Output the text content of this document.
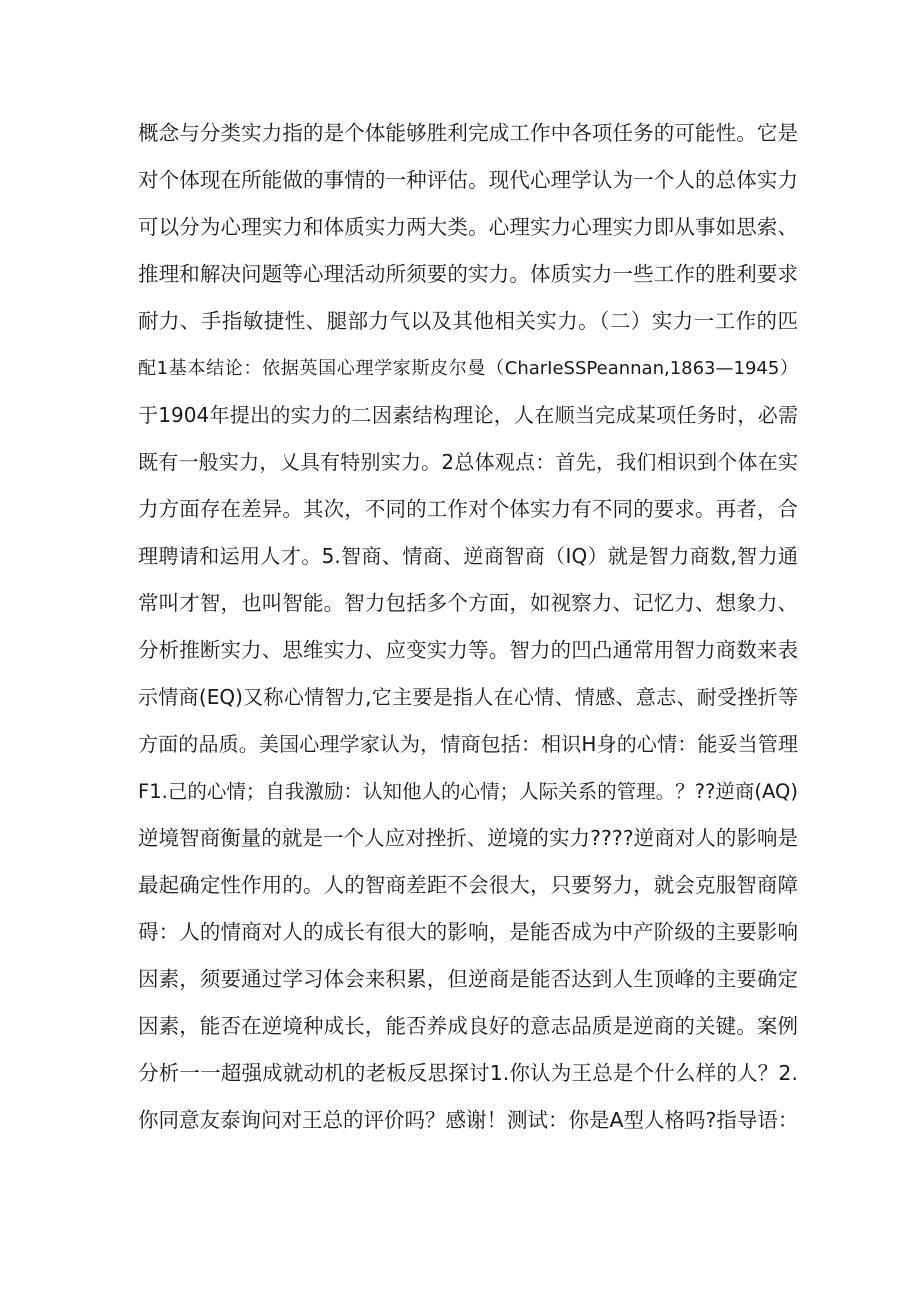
概念与分类实力指的是个体能够胜利完成工作中各项任务的可能性。它是
对个体现在所能做的事情的一种评估。现代心理学认为一个人的总体实力
可以分为心理实力和体质实力两大类。心理实力心理实力即从事如思索、
推理和解决问题等心理活动所须要的实力。体质实力一些工作的胜利要求
耐力、手指敏捷性、腿部力气以及其他相关实力。（二）实力一工作的匹
配1基本结论：依据英国心理学家斯皮尔曼（CharIeSSPeannan,1863—1945）
于1904年提出的实力的二因素结构理论，人在顺当完成某项任务时，必需
既有一般实力，乂具有特别实力。2总体观点：首先，我们相识到个体在实
力方面存在差异。其次，不同的工作对个体实力有不同的要求。再者，合
理聘请和运用人才。5.智商、情商、逆商智商（IQ）就是智力商数,智力通
常叫才智，也叫智能。智力包括多个方面，如视察力、记忆力、想象力、
分析推断实力、思维实力、应变实力等。智力的凹凸通常用智力商数来表
示情商(EQ)又称心情智力,它主要是指人在心情、情感、意志、耐受挫折等
方面的品质。美国心理学家认为，情商包括：相识H身的心情：能妥当管理
F1.己的心情；自我激励：认知他人的心情；人际关系的管理。？??逆商(AQ)
逆境智商衡量的就是一个人应对挫折、逆境的实力????逆商对人的影响是
最起确定性作用的。人的智商差距不会很大，只要努力，就会克服智商障
碍：人的情商对人的成长有很大的影响，是能否成为中产阶级的主要影响
因素，须要通过学习体会来积累，但逆商是能否达到人生顶峰的主要确定
因素，能否在逆境种成长，能否养成良好的意志品质是逆商的关键。案例
分析一一超强成就动机的老板反思探讨1.你认为王总是个什么样的人？2.
你同意友泰询问对王总的评价吗？感谢！测试：你是A型人格吗?指导语：
